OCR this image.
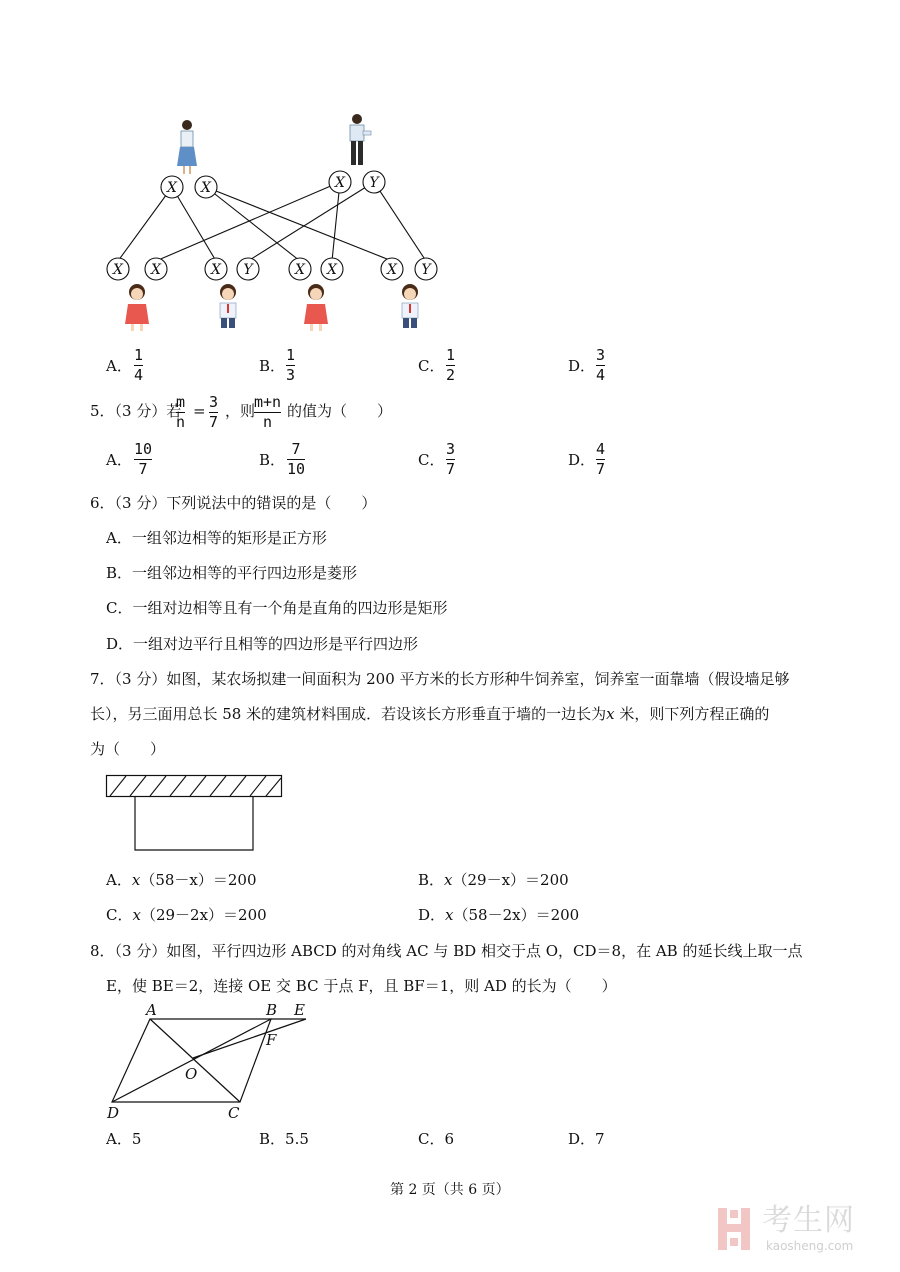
X X	X Y
X X	X Y	X X	X Y
A．
1
4	B．
1
3	C．
1
2	D．
3
4
5．（3 分）若
m
n
= 3
7
，则
m+n
n
的值为（　　）
A．
10
7	B．
7
10	C．
3
7	D．
4
7
6．（3 分）下列说法中的错误的是（　　）
A．一组邻边相等的矩形是正方形
B．一组邻边相等的平行四边形是菱形
C．一组对边相等且有一个角是直角的四边形是矩形
D．一组对边平行且相等的四边形是平行四边形
7．（3 分）如图，某农场拟建一间面积为 200 平方米的长方形种牛饲养室，饲养室一面靠墙（假设墙足够
长），另三面用总长 58 米的建筑材料围成．若设该长方形垂直于墙的一边长为x 米，则下列方程正确的
为（　　）
A．x（58－x）＝200	B．x（29－x）＝200
C．x（29－2x）＝200	D．x（58－2x）＝200
8．（3 分）如图，平行四边形 ABCD 的对角线 AC 与 BD 相交于点 O，CD＝8，在 AB 的延长线上取一点
E，使 BE＝2，连接 OE 交 BC 于点 F，且 BF＝1，则 AD 的长为（　　）
A	B E
F
O
D	C
A．5	B．5.5	C．6	D．7
第 2 页（共 6 页）
考生网
kaosheng.com
